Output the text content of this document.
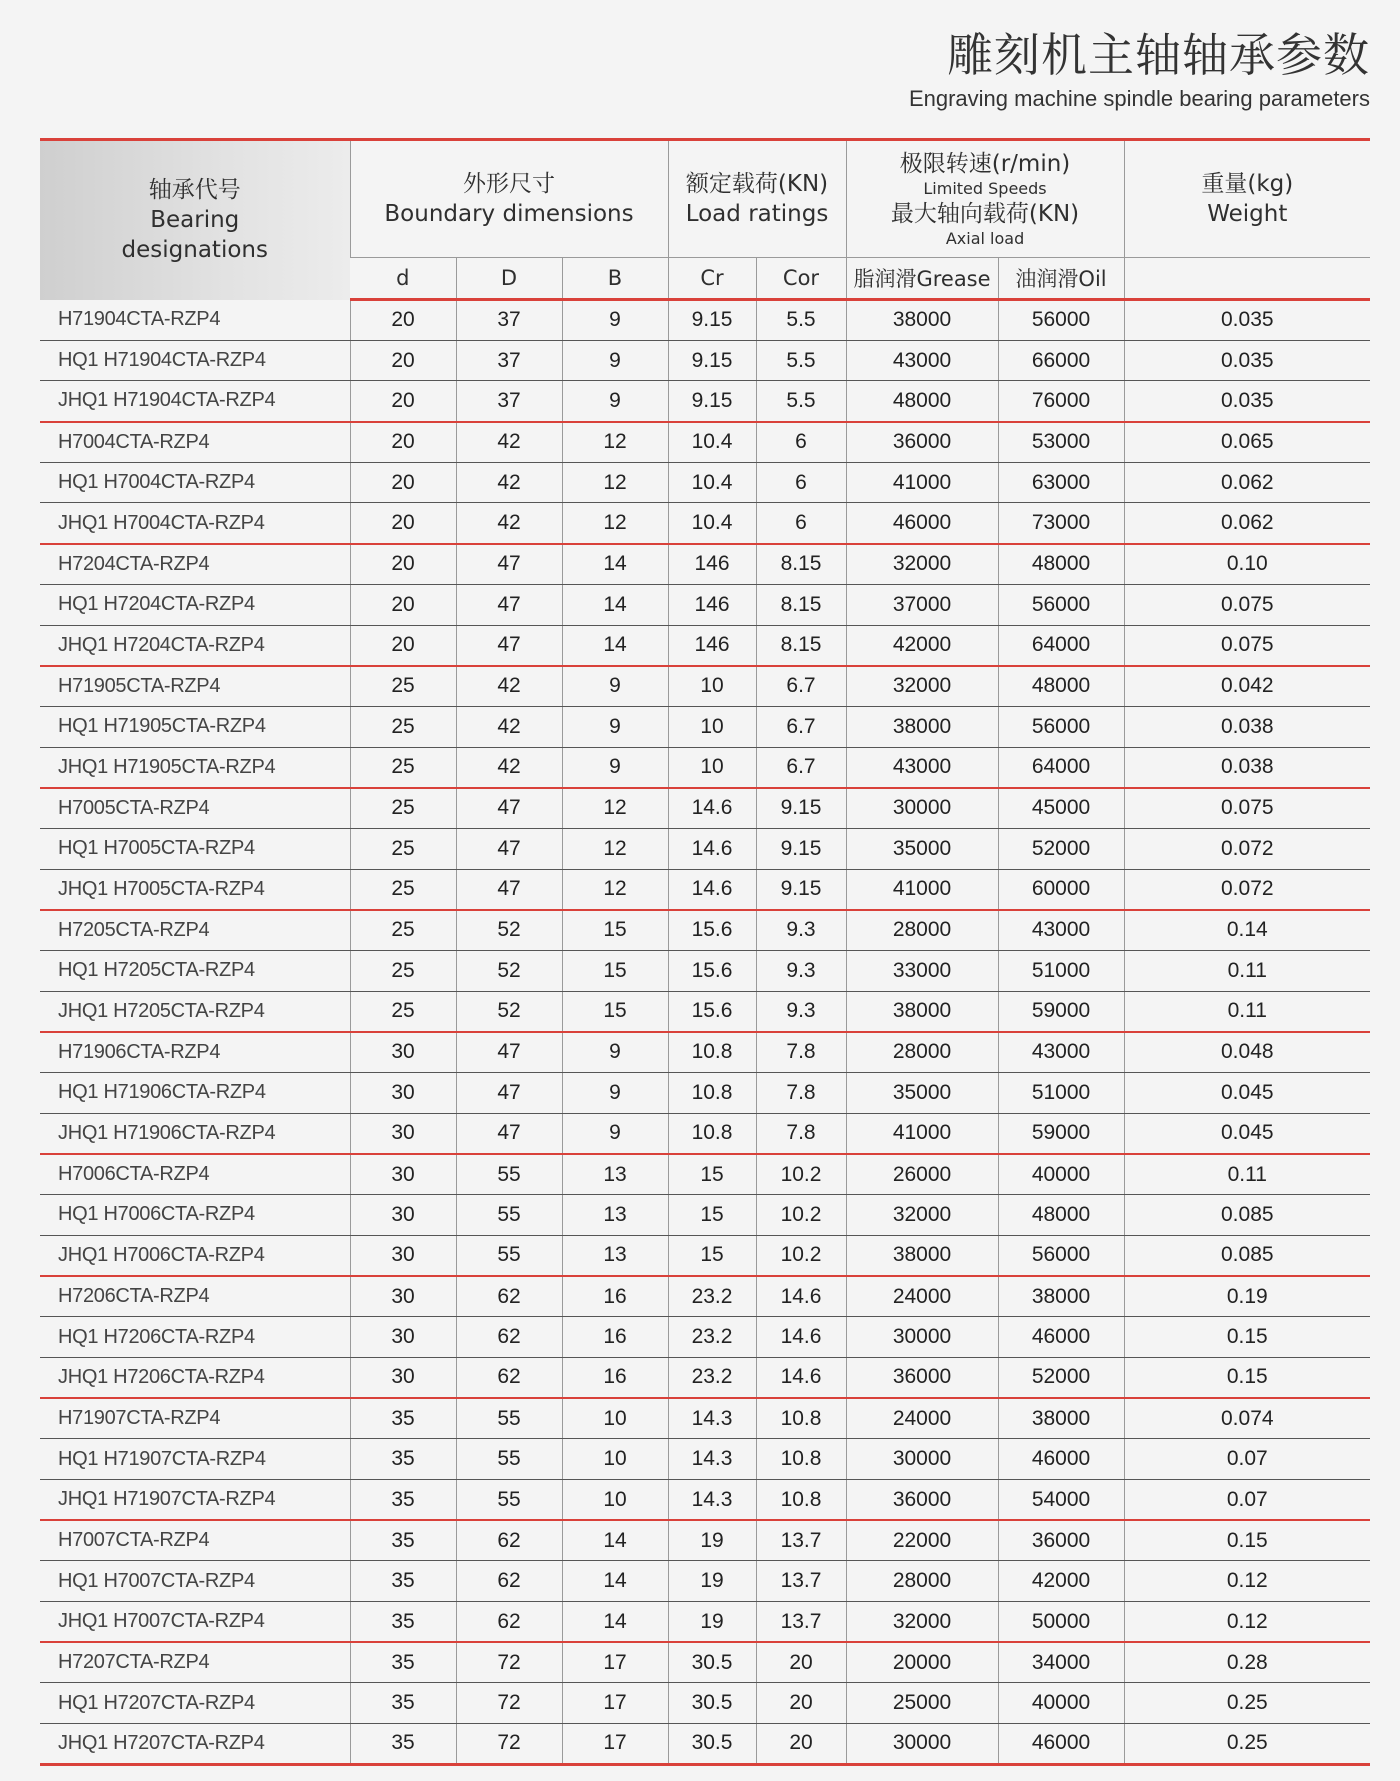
雕刻机主轴轴承参数
Engraving machine spindle bearing parameters
轴承代号
Bearing
designations	外形尺寸
Boundary dimensions			额定载荷(KN)
Load ratings		极限转速(r/min)
Limited Speeds
最大轴向载荷(KN)
Axial load		重量(kg)
Weight

	d	D	B	Cr	Cor	脂润滑Grease	油润滑Oil	
H71904CTA-RZP4	20	37	9	9.15	5.5	38000	56000	0.035
HQ1 H71904CTA-RZP4	20	37	9	9.15	5.5	43000	66000	0.035
JHQ1 H71904CTA-RZP4	20	37	9	9.15	5.5	48000	76000	0.035
H7004CTA-RZP4	20	42	12	10.4	6	36000	53000	0.065
HQ1 H7004CTA-RZP4	20	42	12	10.4	6	41000	63000	0.062
JHQ1 H7004CTA-RZP4	20	42	12	10.4	6	46000	73000	0.062
H7204CTA-RZP4	20	47	14	146	8.15	32000	48000	0.10
HQ1 H7204CTA-RZP4	20	47	14	146	8.15	37000	56000	0.075
JHQ1 H7204CTA-RZP4	20	47	14	146	8.15	42000	64000	0.075
H71905CTA-RZP4	25	42	9	10	6.7	32000	48000	0.042
HQ1 H71905CTA-RZP4	25	42	9	10	6.7	38000	56000	0.038
JHQ1 H71905CTA-RZP4	25	42	9	10	6.7	43000	64000	0.038
H7005CTA-RZP4	25	47	12	14.6	9.15	30000	45000	0.075
HQ1 H7005CTA-RZP4	25	47	12	14.6	9.15	35000	52000	0.072
JHQ1 H7005CTA-RZP4	25	47	12	14.6	9.15	41000	60000	0.072
H7205CTA-RZP4	25	52	15	15.6	9.3	28000	43000	0.14
HQ1 H7205CTA-RZP4	25	52	15	15.6	9.3	33000	51000	0.11
JHQ1 H7205CTA-RZP4	25	52	15	15.6	9.3	38000	59000	0.11
H71906CTA-RZP4	30	47	9	10.8	7.8	28000	43000	0.048
HQ1 H71906CTA-RZP4	30	47	9	10.8	7.8	35000	51000	0.045
JHQ1 H71906CTA-RZP4	30	47	9	10.8	7.8	41000	59000	0.045
H7006CTA-RZP4	30	55	13	15	10.2	26000	40000	0.11
HQ1 H7006CTA-RZP4	30	55	13	15	10.2	32000	48000	0.085
JHQ1 H7006CTA-RZP4	30	55	13	15	10.2	38000	56000	0.085
H7206CTA-RZP4	30	62	16	23.2	14.6	24000	38000	0.19
HQ1 H7206CTA-RZP4	30	62	16	23.2	14.6	30000	46000	0.15
JHQ1 H7206CTA-RZP4	30	62	16	23.2	14.6	36000	52000	0.15
H71907CTA-RZP4	35	55	10	14.3	10.8	24000	38000	0.074
HQ1 H71907CTA-RZP4	35	55	10	14.3	10.8	30000	46000	0.07
JHQ1 H71907CTA-RZP4	35	55	10	14.3	10.8	36000	54000	0.07
H7007CTA-RZP4	35	62	14	19	13.7	22000	36000	0.15
HQ1 H7007CTA-RZP4	35	62	14	19	13.7	28000	42000	0.12
JHQ1 H7007CTA-RZP4	35	62	14	19	13.7	32000	50000	0.12
H7207CTA-RZP4	35	72	17	30.5	20	20000	34000	0.28
HQ1 H7207CTA-RZP4	35	72	17	30.5	20	25000	40000	0.25
JHQ1 H7207CTA-RZP4	35	72	17	30.5	20	30000	46000	0.25
